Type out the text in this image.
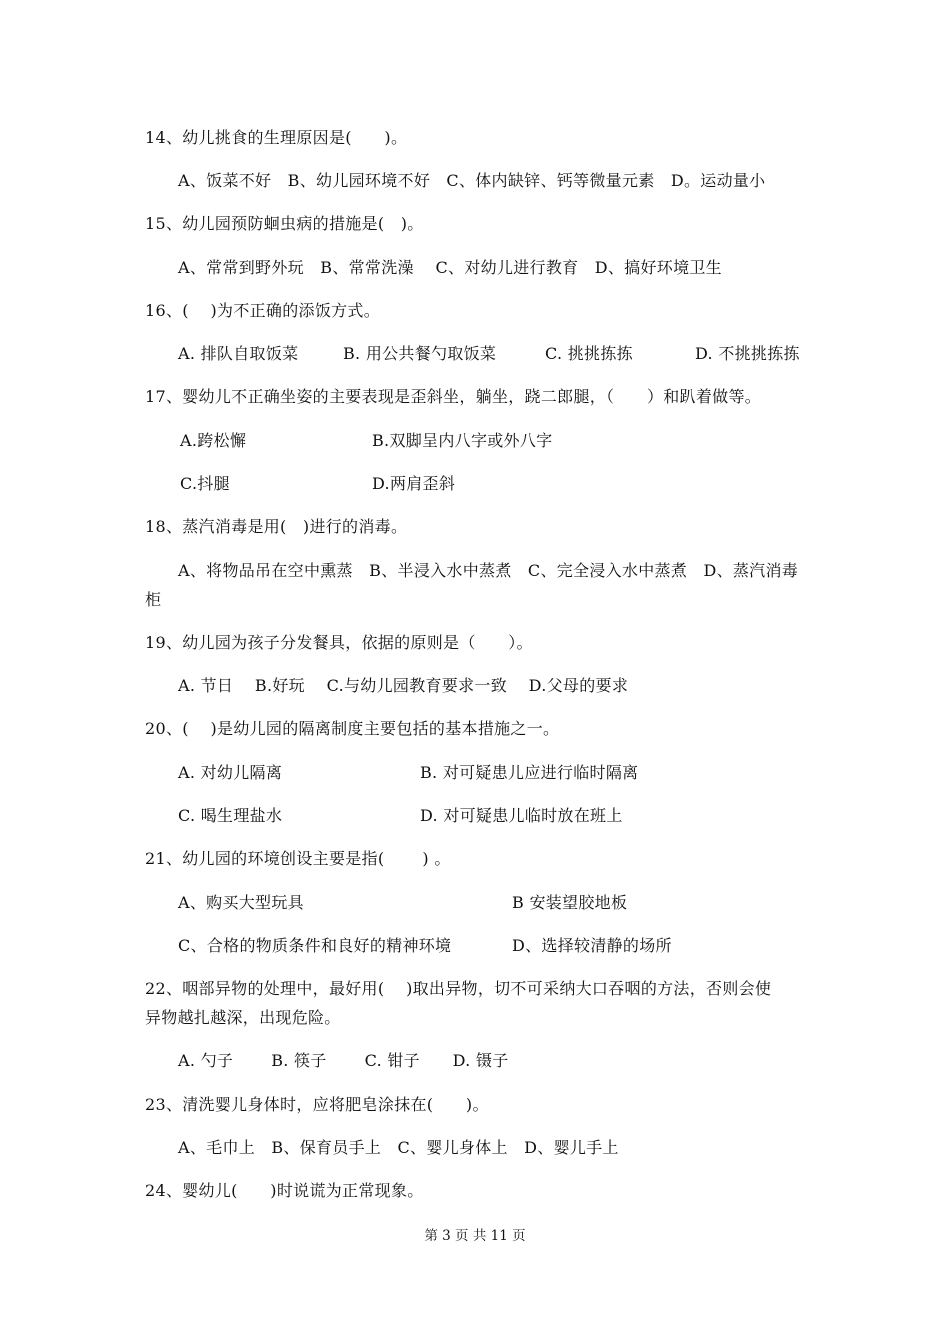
14、幼儿挑食的生理原因是(　　)。
A、饭菜不好　B、幼儿园环境不好　C、体内缺锌、钙等微量元素　D。运动量小
15、幼儿园预防蛔虫病的措施是(　)。
A、常常到野外玩　B、常常洗澡　 C、对幼儿进行教育　D、搞好环境卫生
16、(　 )为不正确的添饭方式。
A. 排队自取饭菜	B. 用公共餐勺取饭菜	C. 挑挑拣拣	D. 不挑挑拣拣
17、婴幼儿不正确坐姿的主要表现是歪斜坐，躺坐，跷二郎腿，（　　）和趴着做等。
A.跨松懈	B.双脚呈内八字或外八字
C.抖腿	D.两肩歪斜
18、蒸汽消毒是用(　)进行的消毒。
A、将物品吊在空中熏蒸　B、半浸入水中蒸煮　C、完全浸入水中蒸煮　D、蒸汽消毒
柜
19、幼儿园为孩子分发餐具，依据的原则是（　　）。
A. 节日　 B.好玩　 C.与幼儿园教育要求一致　 D.父母的要求
20、(　 )是幼儿园的隔离制度主要包括的基本措施之一。
A. 对幼儿隔离	B. 对可疑患儿应进行临时隔离
C. 喝生理盐水	D. 对可疑患儿临时放在班上
21、幼儿园的环境创设主要是指(　　 ) 。
A、购买大型玩具	B 安装望胶地板
C、合格的物质条件和良好的精神环境	D、选择较清静的场所
22、咽部异物的处理中，最好用(　 )取出异物，切不可采纳大口吞咽的方法，否则会使
异物越扎越深，出现危险。
A. 勺子　　 B. 筷子　　 C. 钳子　　D. 镊子
23、清洗婴儿身体时，应将肥皂涂抹在(　　)。
A、毛巾上　B、保育员手上　C、婴儿身体上　D、婴儿手上
24、婴幼儿(　　)时说谎为正常现象。
第 3 页 共 11 页
